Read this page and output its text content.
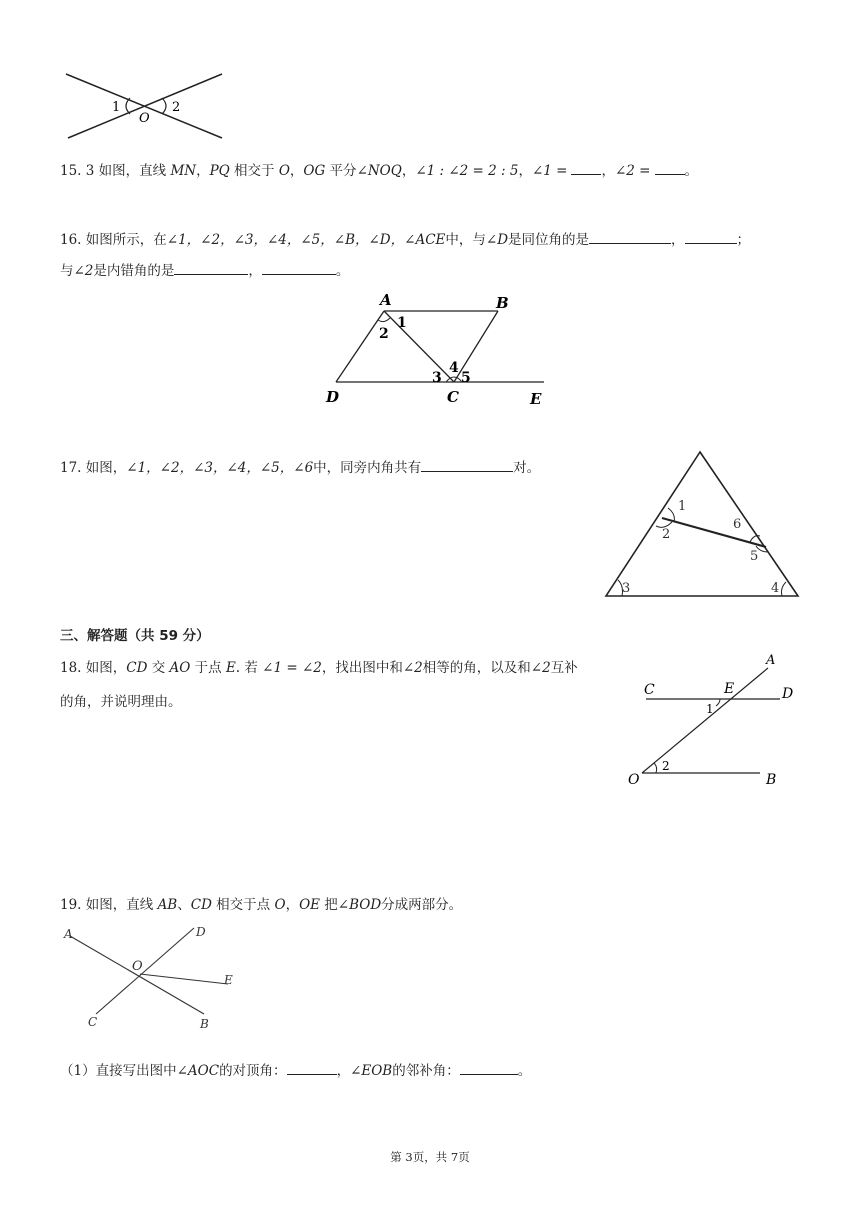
1	2
O
15. 3 如图，直线 MN，PQ 相交于 O，OG 平分∠NOQ，∠1 : ∠2 = 2 : 5，∠1 =	，∠2 =	。
16. 如图所示，在∠1，∠2，∠3，∠4，∠5，∠B，∠D，∠ACE中，与∠D是同位角的是	，	；
与∠2是内错角的是	，	。
A	B
D	C	E
1
2
3
4
5
17. 如图，∠1，∠2，∠3，∠4，∠5，∠6中，同旁内角共有	对。
1
2
3	4
5
6
三、解答题（共 59 分）
18. 如图，CD 交 AO 于点 E. 若 ∠1 = ∠2，找出图中和∠2相等的角，以及和∠2互补
的角，并说明理由。
A
C	E	D
1
O
2
B
19. 如图，直线 AB、CD 相交于点 O，OE 把∠BOD分成两部分。
A	D
O
E
C	B
（1）直接写出图中∠AOC的对顶角：	，∠EOB的邻补角：	。
第 3页，共 7页
